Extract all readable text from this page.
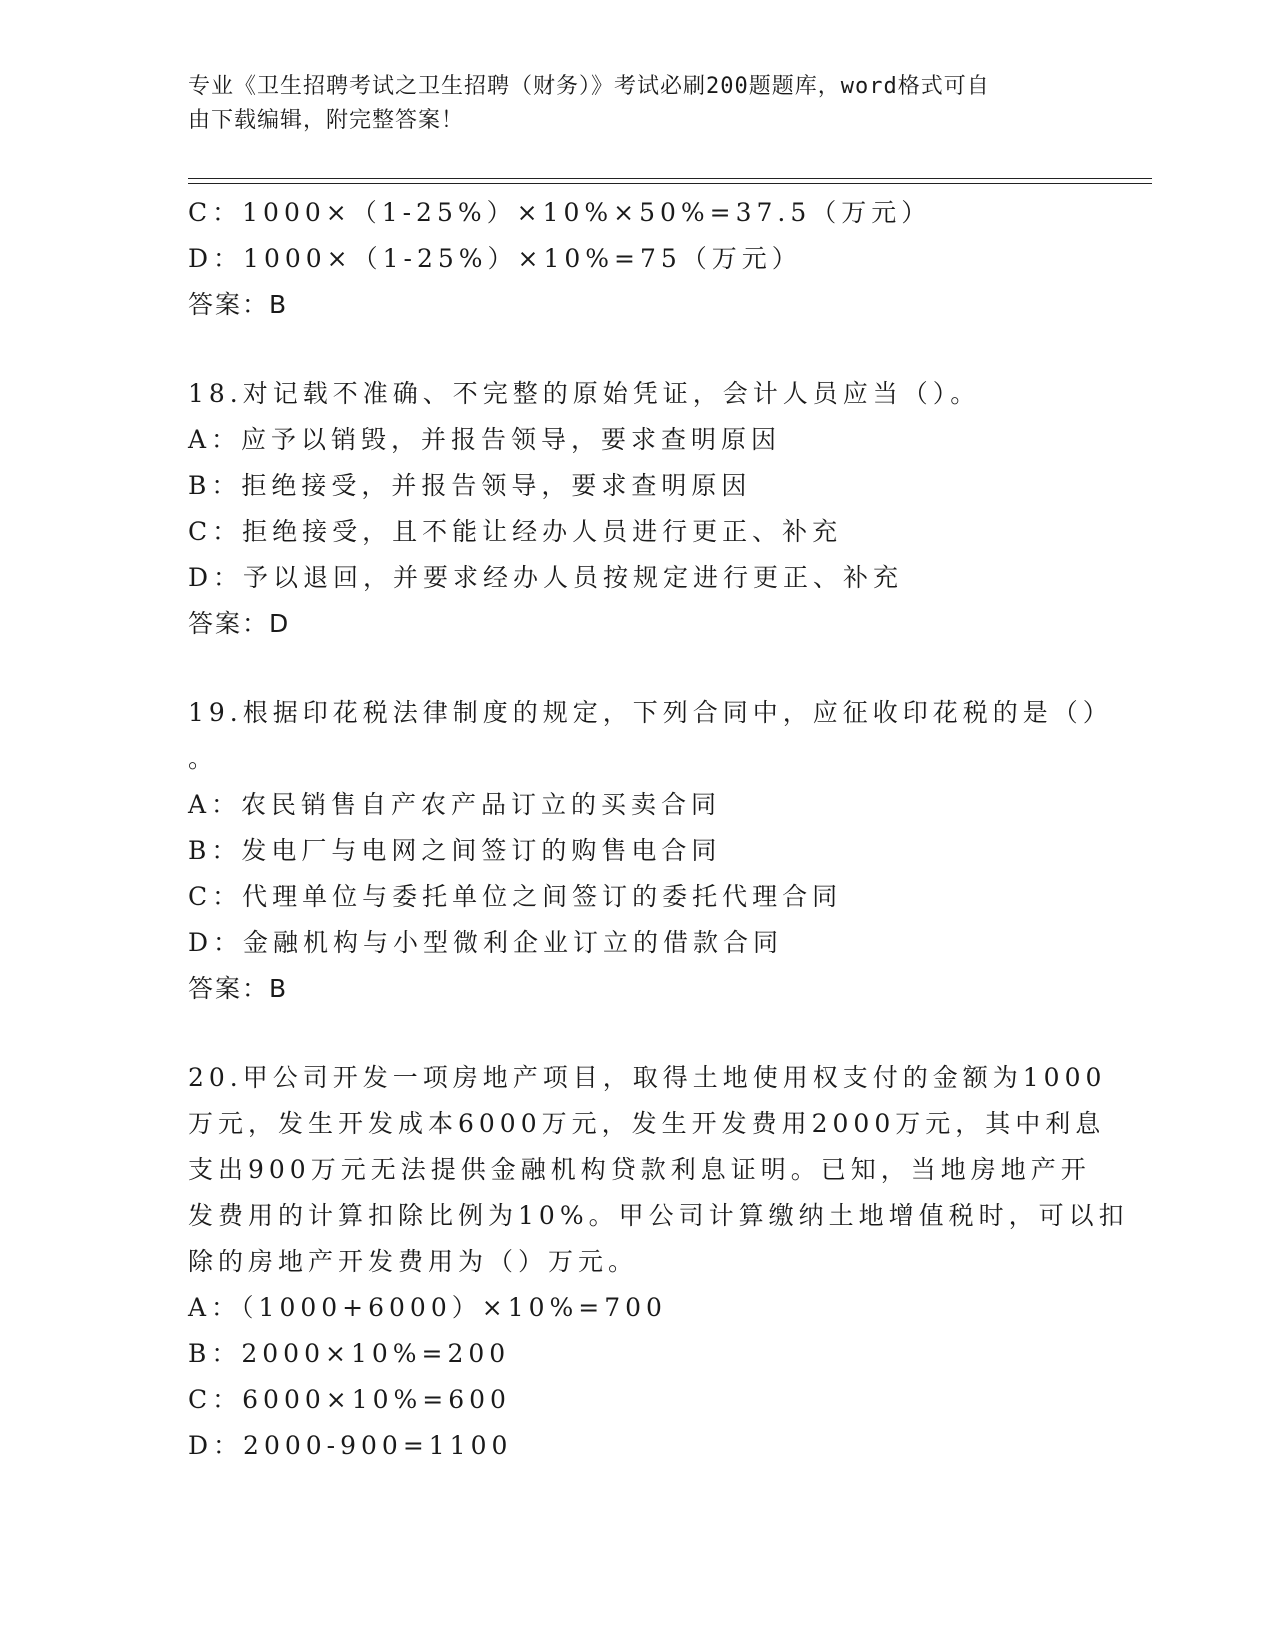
专业《卫生招聘考试之卫生招聘（财务）》考试必刷200题题库，word格式可自
由下载编辑，附完整答案！
C：1000×（1-25%）×10%×50%=37.5（万元）
D：1000×（1-25%）×10%=75（万元）
答案：B
18.对记载不准确、不完整的原始凭证，会计人员应当（）。
A：应予以销毁，并报告领导，要求查明原因
B：拒绝接受，并报告领导，要求查明原因
C：拒绝接受，且不能让经办人员进行更正、补充
D：予以退回，并要求经办人员按规定进行更正、补充
答案：D
19.根据印花税法律制度的规定，下列合同中，应征收印花税的是（）
。
A：农民销售自产农产品订立的买卖合同
B：发电厂与电网之间签订的购售电合同
C：代理单位与委托单位之间签订的委托代理合同
D：金融机构与小型微利企业订立的借款合同
答案：B
20.甲公司开发一项房地产项目，取得土地使用权支付的金额为1000
万元，发生开发成本6000万元，发生开发费用2000万元，其中利息
支出900万元无法提供金融机构贷款利息证明。已知，当地房地产开
发费用的计算扣除比例为10%。甲公司计算缴纳土地增值税时，可以扣
除的房地产开发费用为（）万元。
A：（1000+6000）×10%=700
B：2000×10%=200
C：6000×10%=600
D：2000-900=1100
